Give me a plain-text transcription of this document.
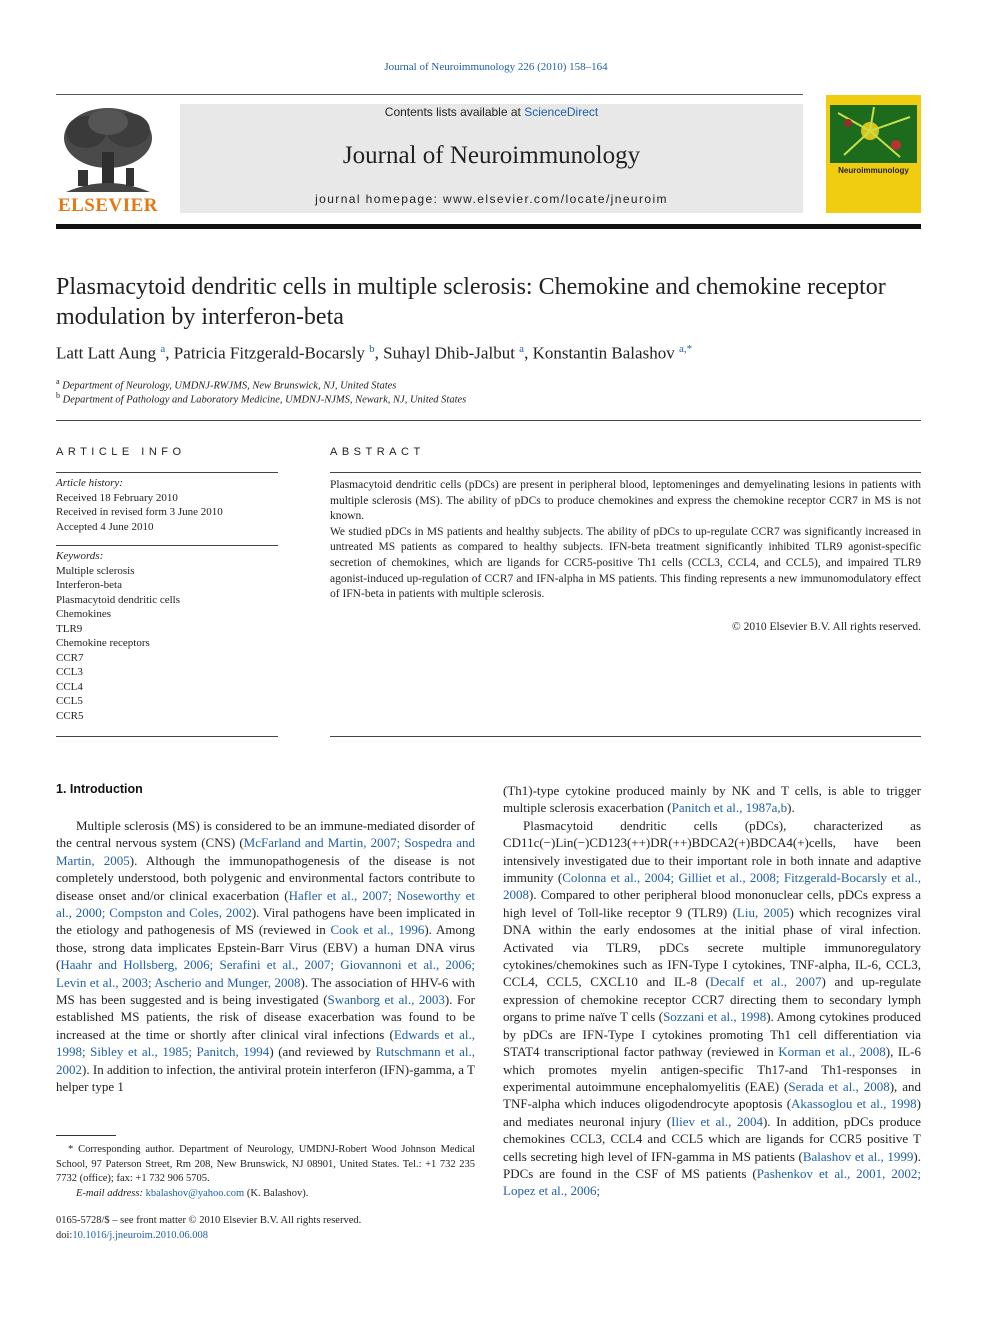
Journal of Neuroimmunology 226 (2010) 158–164
ELSEVIER
Contents lists available at ScienceDirect
Journal of Neuroimmunology
journal homepage: www.elsevier.com/locate/jneuroim
Neuroimmunology
Plasmacytoid dendritic cells in multiple sclerosis: Chemokine and chemokine receptor modulation by interferon-beta
Latt Latt Aung $^a$, Patricia Fitzgerald-Bocarsly $^b$, Suhayl Dhib-Jalbut $^a$, Konstantin Balashov $^{a,*}$
$^a$ Department of Neurology, UMDNJ-RWJMS, New Brunswick, NJ, United States
$^b$ Department of Pathology and Laboratory Medicine, UMDNJ-NJMS, Newark, NJ, United States
ARTICLE INFO
Article history:
Received 18 February 2010
Received in revised form 3 June 2010
Accepted 4 June 2010
Keywords:
Multiple sclerosis
Interferon-beta
Plasmacytoid dendritic cells
Chemokines
TLR9
Chemokine receptors
CCR7
CCL3
CCL4
CCL5
CCR5
ABSTRACT

Plasmacytoid dendritic cells (pDCs) are present in peripheral blood, leptomeninges and demyelinating lesions in patients with multiple sclerosis (MS). The ability of pDCs to produce chemokines and express the chemokine receptor CCR7 in MS is not known.

We studied pDCs in MS patients and healthy subjects. The ability of pDCs to up-regulate CCR7 was significantly increased in untreated MS patients as compared to healthy subjects. IFN-beta treatment significantly inhibited TLR9 agonist-specific secretion of chemokines, which are ligands for CCR5-positive Th1 cells (CCL3, CCL4, and CCL5), and impaired TLR9 agonist-induced up-regulation of CCR7 and IFN-alpha in MS patients. This finding represents a new immunomodulatory effect of IFN-beta in patients with multiple sclerosis.

© 2010 Elsevier B.V. All rights reserved.
1. Introduction

Multiple sclerosis (MS) is considered to be an immune-mediated disorder of the central nervous system (CNS) (McFarland and Martin, 2007; Sospedra and Martin, 2005). Although the immunopathogenesis of the disease is not completely understood, both polygenic and environmental factors contribute to disease onset and/or clinical exacerbation (Hafler et al., 2007; Noseworthy et al., 2000; Compston and Coles, 2002). Viral pathogens have been implicated in the etiology and pathogenesis of MS (reviewed in Cook et al., 1996). Among those, strong data implicates Epstein-Barr Virus (EBV) a human DNA virus (Haahr and Hollsberg, 2006; Serafini et al., 2007; Giovannoni et al., 2006; Levin et al., 2003; Ascherio and Munger, 2008). The association of HHV-6 with MS has been suggested and is being investigated (Swanborg et al., 2003). For established MS patients, the risk of disease exacerbation was found to be increased at the time or shortly after clinical viral infections (Edwards et al., 1998; Sibley et al., 1985; Panitch, 1994) (and reviewed by Rutschmann et al., 2002). In addition to infection, the antiviral protein interferon (IFN)-gamma, a T helper type 1

(Th1)-type cytokine produced mainly by NK and T cells, is able to trigger multiple sclerosis exacerbation (Panitch et al., 1987a,b).

Plasmacytoid dendritic cells (pDCs), characterized as CD11c(−)Lin(−)CD123(++)DR(++)BDCA2(+)BDCA4(+)cells, have been intensively investigated due to their important role in both innate and adaptive immunity (Colonna et al., 2004; Gilliet et al., 2008; Fitzgerald-Bocarsly et al., 2008). Compared to other peripheral blood mononuclear cells, pDCs express a high level of Toll-like receptor 9 (TLR9) (Liu, 2005) which recognizes viral DNA within the early endosomes at the initial phase of viral infection. Activated via TLR9, pDCs secrete multiple immunoregulatory cytokines/chemokines such as IFN-Type I cytokines, TNF-alpha, IL-6, CCL3, CCL4, CCL5, CXCL10 and IL-8 (Decalf et al., 2007) and up-regulate expression of chemokine receptor CCR7 directing them to secondary lymph organs to prime naïve T cells (Sozzani et al., 1998). Among cytokines produced by pDCs are IFN-Type I cytokines promoting Th1 cell differentiation via STAT4 transcriptional factor pathway (reviewed in Korman et al., 2008), IL-6 which promotes myelin antigen-specific Th17-and Th1-responses in experimental autoimmune encephalomyelitis (EAE) (Serada et al., 2008), and TNF-alpha which induces oligodendrocyte apoptosis (Akassoglou et al., 1998) and mediates neuronal injury (Iliev et al., 2004). In addition, pDCs produce chemokines CCL3, CCL4 and CCL5 which are ligands for CCR5 positive T cells secreting high level of IFN-gamma in MS patients (Balashov et al., 1999). PDCs are found in the CSF of MS patients (Pashenkov et al., 2001, 2002; Lopez et al., 2006;

* Corresponding author. Department of Neurology, UMDNJ-Robert Wood Johnson Medical School, 97 Paterson Street, Rm 208, New Brunswick, NJ 08901, United States. Tel.: +1 732 235 7732 (office); fax: +1 732 906 5705.

E-mail address: kbalashov@yahoo.com (K. Balashov).

0165-5728/$ – see front matter © 2010 Elsevier B.V. All rights reserved.
doi:10.1016/j.jneuroim.2010.06.008
